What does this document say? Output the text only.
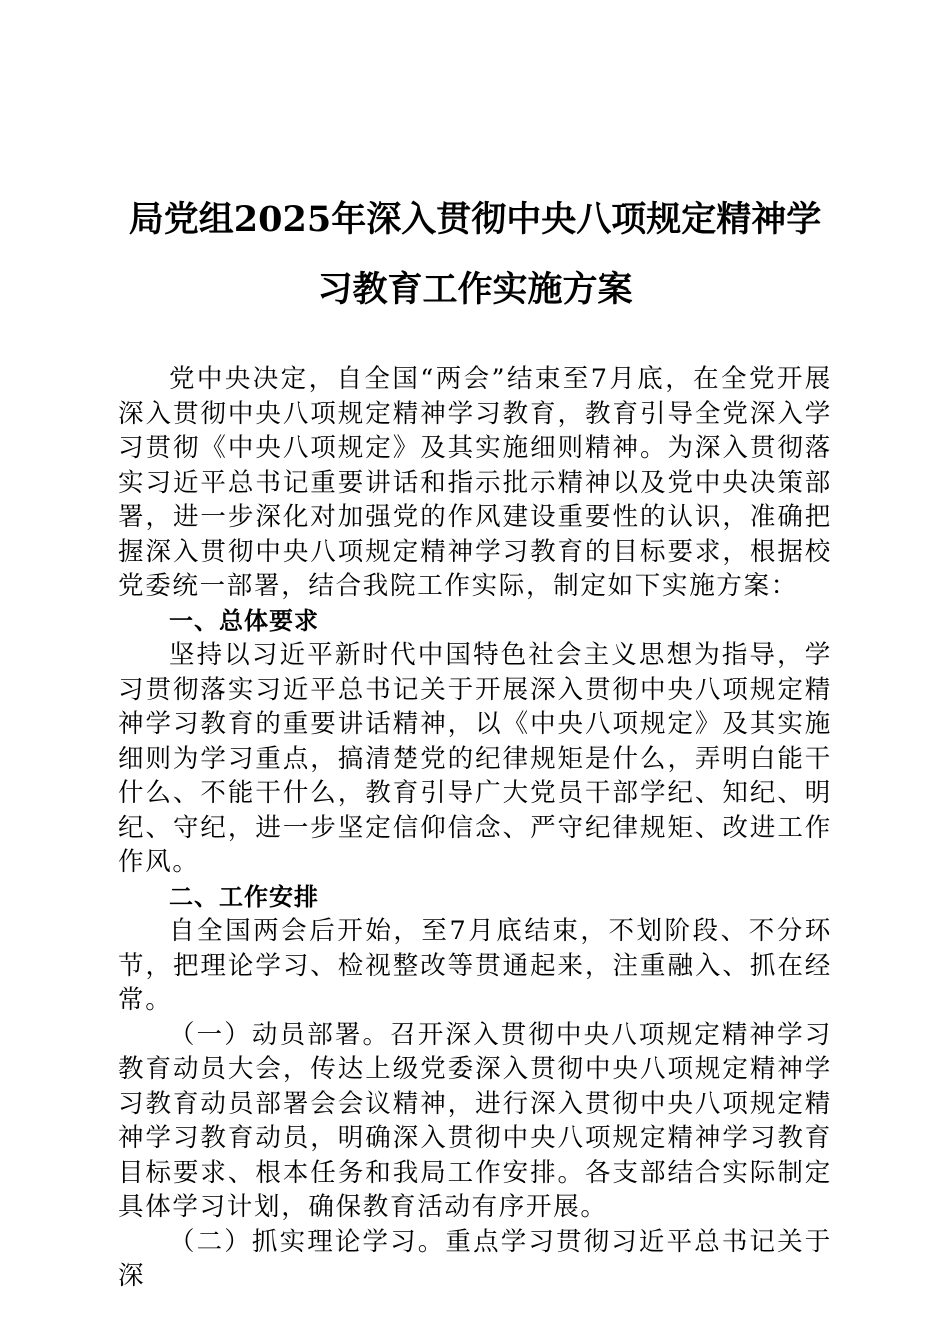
局党组2025年深入贯彻中央八项规定精神学
习教育工作实施方案

党中央决定，自全国“两会”结束至7月底，在全党开展深入贯彻中央八项规定精神学习教育，教育引导全党深入学习贯彻《中央八项规定》及其实施细则精神。为深入贯彻落实习近平总书记重要讲话和指示批示精神以及党中央决策部署，进一步深化对加强党的作风建设重要性的认识，准确把握深入贯彻中央八项规定精神学习教育的目标要求，根据校党委统一部署，结合我院工作实际，制定如下实施方案：

一、总体要求

坚持以习近平新时代中国特色社会主义思想为指导，学习贯彻落实习近平总书记关于开展深入贯彻中央八项规定精神学习教育的重要讲话精神，以《中央八项规定》及其实施细则为学习重点，搞清楚党的纪律规矩是什么，弄明白能干什么、不能干什么，教育引导广大党员干部学纪、知纪、明纪、守纪，进一步坚定信仰信念、严守纪律规矩、改进工作作风。

二、工作安排

自全国两会后开始，至7月底结束，不划阶段、不分环节，把理论学习、检视整改等贯通起来，注重融入、抓在经常。

（一）动员部署。召开深入贯彻中央八项规定精神学习教育动员大会，传达上级党委深入贯彻中央八项规定精神学习教育动员部署会会议精神，进行深入贯彻中央八项规定精神学习教育动员，明确深入贯彻中央八项规定精神学习教育目标要求、根本任务和我局工作安排。各支部结合实际制定具体学习计划，确保教育活动有序开展。

（二）抓实理论学习。重点学习贯彻习近平总书记关于深
